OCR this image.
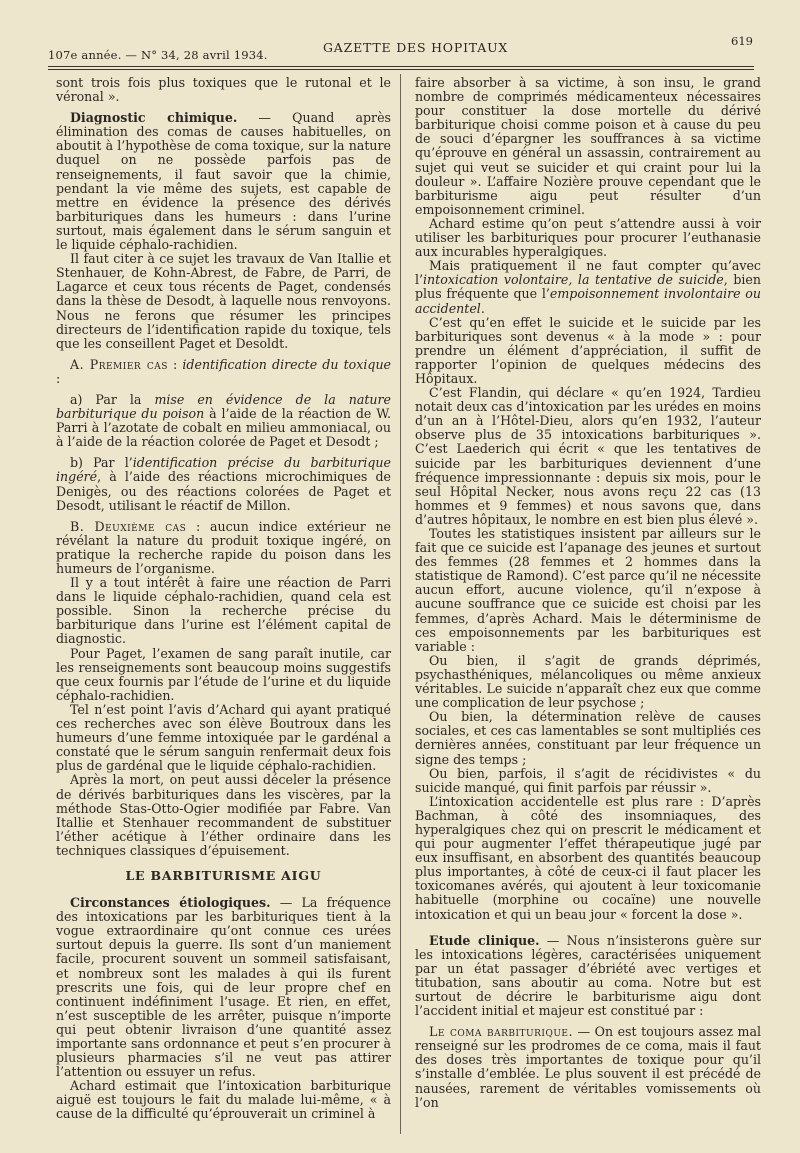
107e année. — N° 34, 28 avril 1934.	GAZETTE DES HOPITAUX	619

sont trois fois plus toxiques que le rutonal et le véronal ».

Diagnostic chimique. — Quand après élimination des comas de causes habituelles, on aboutit à l’hypothèse de coma toxique, sur la nature duquel on ne possède parfois pas de renseignements, il faut savoir que la chimie, pendant la vie même des sujets, est capable de mettre en évidence la présence des dérivés barbituriques dans les humeurs : dans l’urine surtout, mais également dans le sérum sanguin et le liquide céphalo-rachidien.

Il faut citer à ce sujet les travaux de Van Itallie et Stenhauer, de Kohn-Abrest, de Fabre, de Parri, de Lagarce et ceux tous récents de Paget, condensés dans la thèse de Desodt, à laquelle nous renvoyons. Nous ne ferons que résumer les principes directeurs de l’identification rapide du toxique, tels que les conseillent Paget et Desoldt.

A. Premier cas : identification directe du toxique :

a) Par la mise en évidence de la nature barbiturique du poison à l’aide de la réaction de W. Parri à l’azotate de cobalt en milieu ammoniacal, ou à l’aide de la réaction colorée de Paget et Desodt ;

b) Par l’identification précise du barbiturique ingéré, à l’aide des réactions microchimiques de Denigès, ou des réactions colorées de Paget et Desodt, utilisant le réactif de Millon.

B. Deuxième cas : aucun indice extérieur ne révélant la nature du produit toxique ingéré, on pratique la recherche rapide du poison dans les humeurs de l’organisme.

Il y a tout intérêt à faire une réaction de Parri dans le liquide céphalo-rachidien, quand cela est possible. Sinon la recherche précise du barbiturique dans l’urine est l’élément capital de diagnostic.

Pour Paget, l’examen de sang paraît inutile, car les renseignements sont beaucoup moins suggestifs que ceux fournis par l’étude de l’urine et du liquide céphalo-rachidien.

Tel n’est point l’avis d’Achard qui ayant pratiqué ces recherches avec son élève Boutroux dans les humeurs d’une femme intoxiquée par le gardénal a constaté que le sérum sanguin renfermait deux fois plus de gardénal que le liquide céphalo-rachidien.

Après la mort, on peut aussi déceler la présence de dérivés barbituriques dans les viscères, par la méthode Stas-Otto-Ogier modifiée par Fabre. Van Itallie et Stenhauer recommandent de substituer l’éther acétique à l’éther ordinaire dans les techniques classiques d’épuisement.

LE BARBITURISME AIGU

Circonstances étiologiques. — La fréquence des intoxications par les barbituriques tient à la vogue extraordinaire qu’ont connue ces urées surtout depuis la guerre. Ils sont d’un maniement facile, procurent souvent un sommeil satisfaisant, et nombreux sont les malades à qui ils furent prescrits une fois, qui de leur propre chef en continuent indéfiniment l’usage. Et rien, en effet, n’est susceptible de les arrêter, puisque n’importe qui peut obtenir livraison d’une quantité assez importante sans ordonnance et peut s’en procurer à plusieurs pharmacies s’il ne veut pas attirer l’attention ou essuyer un refus.

Achard estimait que l’intoxication barbiturique aiguë est toujours le fait du malade lui-même, « à cause de la difficulté qu’éprouverait un criminel à

faire absorber à sa victime, à son insu, le grand nombre de comprimés médicamenteux nécessaires pour constituer la dose mortelle du dérivé barbiturique choisi comme poison et à cause du peu de souci d’épargner les souffrances à sa victime qu’éprouve en général un assassin, contrairement au sujet qui veut se suicider et qui craint pour lui la douleur ». L’affaire Nozière prouve cependant que le barbiturisme aigu peut résulter d’un empoisonnement criminel.

Achard estime qu’on peut s’attendre aussi à voir utiliser les barbituriques pour procurer l’euthanasie aux incurables hyperalgiques.

Mais pratiquement il ne faut compter qu’avec l’intoxication volontaire, la tentative de suicide, bien plus fréquente que l’empoisonnement involontaire ou accidentel.

C’est qu’en effet le suicide et le suicide par les barbituriques sont devenus « à la mode » : pour prendre un élément d’appréciation, il suffit de rapporter l’opinion de quelques médecins des Hôpitaux.

C’est Flandin, qui déclare « qu’en 1924, Tardieu notait deux cas d’intoxication par les urédes en moins d’un an à l’Hôtel-Dieu, alors qu’en 1932, l’auteur observe plus de 35 intoxications barbituriques ». C’est Laederich qui écrit « que les tentatives de suicide par les barbituriques deviennent d’une fréquence impressionnante : depuis six mois, pour le seul Hôpital Necker, nous avons reçu 22 cas (13 hommes et 9 femmes) et nous savons que, dans d’autres hôpitaux, le nombre en est bien plus élevé ».

Toutes les statistiques insistent par ailleurs sur le fait que ce suicide est l’apanage des jeunes et surtout des femmes (28 femmes et 2 hommes dans la statistique de Ramond). C’est parce qu’il ne nécessite aucun effort, aucune violence, qu’il n’expose à aucune souffrance que ce suicide est choisi par les femmes, d’après Achard. Mais le déterminisme de ces empoisonnements par les barbituriques est variable :

Ou bien, il s’agit de grands déprimés, psychasthéniques, mélancoliques ou même anxieux véritables. Le suicide n’apparaît chez eux que comme une complication de leur psychose ;

Ou bien, la détermination relève de causes sociales, et ces cas lamentables se sont multipliés ces dernières années, constituant par leur fréquence un signe des temps ;

Ou bien, parfois, il s’agit de récidivistes « du suicide manqué, qui finit parfois par réussir ».

L’intoxication accidentelle est plus rare : D’après Bachman, à côté des insomniaques, des hyperalgiques chez qui on prescrit le médicament et qui pour augmenter l’effet thérapeutique jugé par eux insuffisant, en absorbent des quantités beaucoup plus importantes, à côté de ceux-ci il faut placer les toxicomanes avérés, qui ajoutent à leur toxicomanie habituelle (morphine ou cocaïne) une nouvelle intoxication et qui un beau jour « forcent la dose ».

Etude clinique. — Nous n’insisterons guère sur les intoxications légères, caractérisées uniquement par un état passager d’ébriété avec vertiges et titubation, sans aboutir au coma. Notre but est surtout de décrire le barbiturisme aigu dont l’accident initial et majeur est constitué par :

Le coma barbiturique. — On est toujours assez mal renseigné sur les prodromes de ce coma, mais il faut des doses très importantes de toxique pour qu’il s’installe d’emblée. Le plus souvent il est précédé de nausées, rarement de véritables vomissements où l’on
